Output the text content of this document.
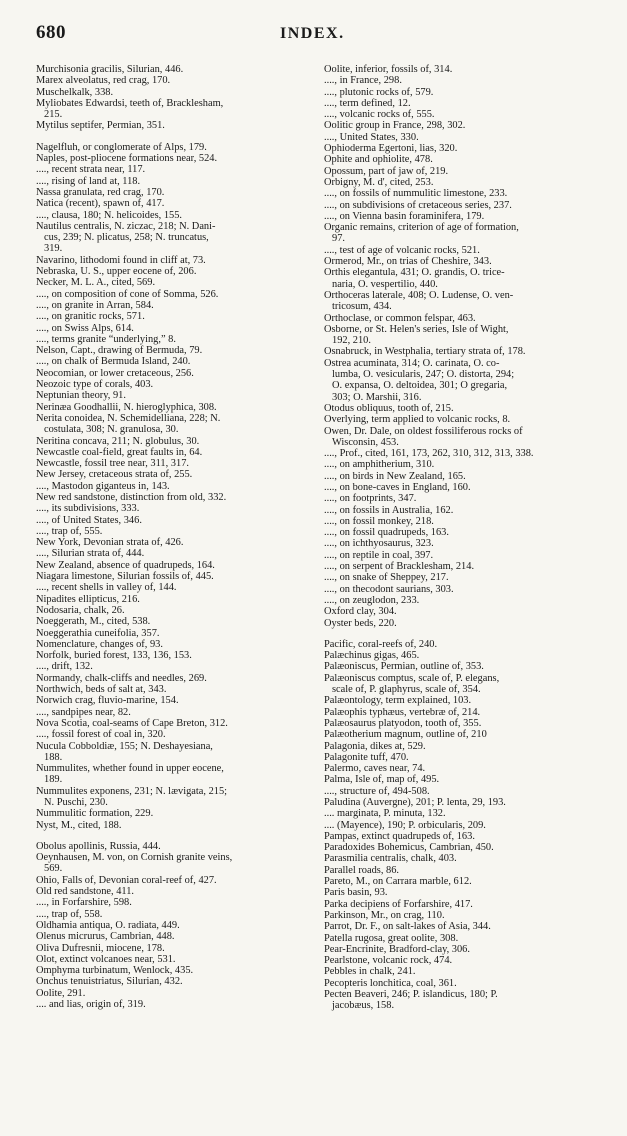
680	INDEX.
Murchisonia gracilis, Silurian, 446.
Marex alveolatus, red crag, 170.
Muschelkalk, 338.
Myliobates Edwardsi, teeth of, Bracklesham,
215.
Mytilus septifer, Permian, 351.
Nagelfluh, or conglomerate of Alps, 179.
Naples, post-pliocene formations near, 524.
...., recent strata near, 117.
...., rising of land at, 118.
Nassa granulata, red crag, 170.
Natica (recent), spawn of, 417.
...., clausa, 180; N. helicoides, 155.
Nautilus centralis, N. ziczac, 218; N. Dani-
cus, 239; N. plicatus, 258; N. truncatus,
319.
Navarino, lithodomi found in cliff at, 73.
Nebraska, U. S., upper eocene of, 206.
Necker, M. L. A., cited, 569.
...., on composition of cone of Somma, 526.
...., on granite in Arran, 584.
...., on granitic rocks, 571.
...., on Swiss Alps, 614.
...., terms granite “underlying,” 8.
Nelson, Capt., drawing of Bermuda, 79.
...., on chalk of Bermuda Island, 240.
Neocomian, or lower cretaceous, 256.
Neozoic type of corals, 403.
Neptunian theory, 91.
Nerinæa Goodhallii, N. hieroglyphica, 308.
Nerita conoidea, N. Schemidelliana, 228; N.
costulata, 308; N. granulosa, 30.
Neritina concava, 211; N. globulus, 30.
Newcastle coal-field, great faults in, 64.
Newcastle, fossil tree near, 311, 317.
New Jersey, cretaceous strata of, 255.
...., Mastodon giganteus in, 143.
New red sandstone, distinction from old, 332.
...., its subdivisions, 333.
...., of United States, 346.
...., trap of, 555.
New York, Devonian strata of, 426.
...., Silurian strata of, 444.
New Zealand, absence of quadrupeds, 164.
Niagara limestone, Silurian fossils of, 445.
...., recent shells in valley of, 144.
Nipadites ellipticus, 216.
Nodosaria, chalk, 26.
Noeggerath, M., cited, 538.
Noeggerathia cuneifolia, 357.
Nomenclature, changes of, 93.
Norfolk, buried forest, 133, 136, 153.
...., drift, 132.
Normandy, chalk-cliffs and needles, 269.
Northwich, beds of salt at, 343.
Norwich crag, fluvio-marine, 154.
...., sandpipes near, 82.
Nova Scotia, coal-seams of Cape Breton, 312.
...., fossil forest of coal in, 320.
Nucula Cobboldiæ, 155; N. Deshayesiana,
188.
Nummulites, whether found in upper eocene,
189.
Nummulites exponens, 231; N. lævigata, 215;
N. Puschi, 230.
Nummulitic formation, 229.
Nyst, M., cited, 188.
Obolus apollinis, Russia, 444.
Oeynhausen, M. von, on Cornish granite veins,
569.
Ohio, Falls of, Devonian coral-reef of, 427.
Old red sandstone, 411.
...., in Forfarshire, 598.
...., trap of, 558.
Oldhamia antiqua, O. radiata, 449.
Olenus micrurus, Cambrian, 448.
Oliva Dufresnii, miocene, 178.
Olot, extinct volcanoes near, 531.
Omphyma turbinatum, Wenlock, 435.
Onchus tenuistriatus, Silurian, 432.
Oolite, 291.
.... and lias, origin of, 319.
Oolite, inferior, fossils of, 314.
...., in France, 298.
...., plutonic rocks of, 579.
...., term defined, 12.
...., volcanic rocks of, 555.
Oolitic group in France, 298, 302.
...., United States, 330.
Ophioderma Egertoni, lias, 320.
Ophite and ophiolite, 478.
Opossum, part of jaw of, 219.
Orbigny, M. d', cited, 253.
...., on fossils of nummulitic limestone, 233.
...., on subdivisions of cretaceous series, 237.
...., on Vienna basin foraminifera, 179.
Organic remains, criterion of age of formation,
97.
...., test of age of volcanic rocks, 521.
Ormerod, Mr., on trias of Cheshire, 343.
Orthis elegantula, 431; O. grandis, O. trice-
naria, O. vespertilio, 440.
Orthoceras laterale, 408; O. Ludense, O. ven-
tricosum, 434.
Orthoclase, or common felspar, 463.
Osborne, or St. Helen's series, Isle of Wight,
192, 210.
Osnabruck, in Westphalia, tertiary strata of, 178.
Ostrea acuminata, 314; O. carinata, O. co-
lumba, O. vesicularis, 247; O. distorta, 294;
O. expansa, O. deltoidea, 301; O gregaria,
303; O. Marshii, 316.
Otodus obliquus, tooth of, 215.
Overlying, term applied to volcanic rocks, 8.
Owen, Dr. Dale, on oldest fossiliferous rocks of
Wisconsin, 453.
...., Prof., cited, 161, 173, 262, 310, 312, 313, 338.
...., on amphitherium, 310.
...., on birds in New Zealand, 165.
...., on bone-caves in England, 160.
...., on footprints, 347.
...., on fossils in Australia, 162.
...., on fossil monkey, 218.
...., on fossil quadrupeds, 163.
...., on ichthyosaurus, 323.
...., on reptile in coal, 397.
...., on serpent of Bracklesham, 214.
...., on snake of Sheppey, 217.
...., on thecodont saurians, 303.
...., on zeuglodon, 233.
Oxford clay, 304.
Oyster beds, 220.
Pacific, coral-reefs of, 240.
Palæchinus gigas, 465.
Palæoniscus, Permian, outline of, 353.
Palæoniscus comptus, scale of, P. elegans,
scale of, P. glaphyrus, scale of, 354.
Palæontology, term explained, 103.
Palæophis typhæus, vertebræ of, 214.
Palæosaurus platyodon, tooth of, 355.
Palæotherium magnum, outline of, 210
Palagonia, dikes at, 529.
Palagonite tuff, 470.
Palermo, caves near, 74.
Palma, Isle of, map of, 495.
...., structure of, 494-508.
Paludina (Auvergne), 201; P. lenta, 29, 193.
.... marginata, P. minuta, 132.
.... (Mayence), 190; P. orbicularis, 209.
Pampas, extinct quadrupeds of, 163.
Paradoxides Bohemicus, Cambrian, 450.
Parasmilia centralis, chalk, 403.
Parallel roads, 86.
Pareto, M., on Carrara marble, 612.
Paris basin, 93.
Parka decipiens of Forfarshire, 417.
Parkinson, Mr., on crag, 110.
Parrot, Dr. F., on salt-lakes of Asia, 344.
Patella rugosa, great oolite, 308.
Pear-Encrinite, Bradford-clay, 306.
Pearlstone, volcanic rock, 474.
Pebbles in chalk, 241.
Pecopteris lonchitica, coal, 361.
Pecten Beaveri, 246; P. islandicus, 180; P.
jacobæus, 158.
